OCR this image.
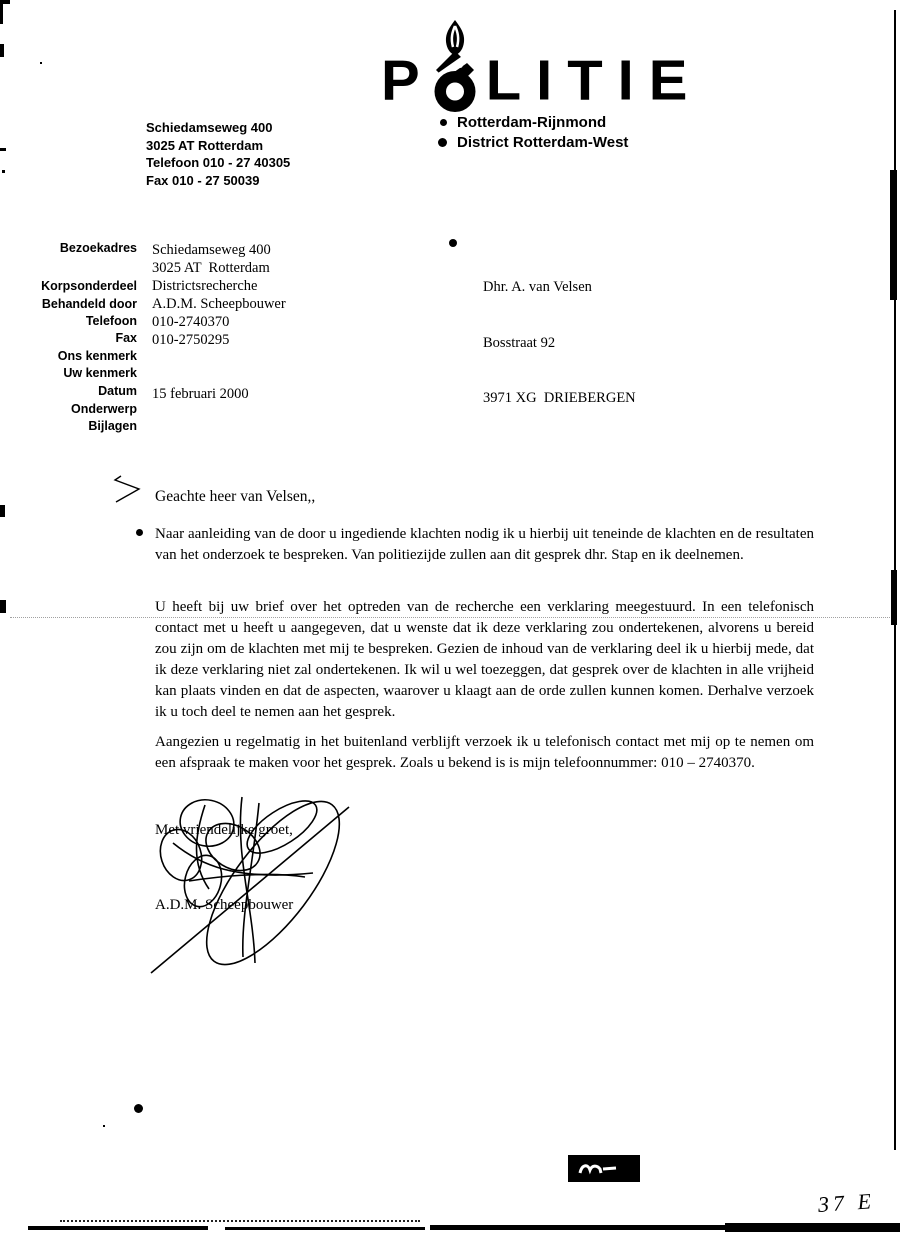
P LITIE
Rotterdam-Rijnmond
District Rotterdam-West
Schiedamseweg 400
3025 AT Rotterdam
Telefoon 010 - 27 40305
Fax 010 - 27 50039
Bezoekadres
Korpsonderdeel
Behandeld door
Telefoon
Fax
Ons kenmerk
Uw kenmerk
Datum
Onderwerp
Bijlagen
Schiedamseweg 400
3025 AT  Rotterdam
Districtsrecherche
A.D.M. Scheepbouwer
010-2740370
010-2750295
15 februari 2000

Dhr. A. van Velsen

Bosstraat 92

3971 XG  DRIEBERGEN

Geachte heer van Velsen,,

Naar aanleiding van de door u ingediende klachten nodig ik u hierbij uit teneinde de klachten en de resultaten van het onderzoek te bespreken. Van politiezijde zullen aan dit gesprek dhr. Stap en ik deelnemen.

U heeft bij uw brief over het optreden van de recherche een verklaring meegestuurd. In een telefonisch contact met u heeft u aangegeven, dat u wenste dat ik deze verklaring zou ondertekenen, alvorens u bereid zou zijn om de klachten met mij te bespreken. Gezien de inhoud van de verklaring deel ik u hierbij mede, dat ik deze verklaring niet zal ondertekenen. Ik wil u wel toezeggen, dat gesprek over de klachten in alle vrijheid kan plaats vinden en dat de aspecten, waarover u klaagt aan de orde zullen kunnen komen. Derhalve verzoek ik u toch deel te nemen aan het gesprek.

Aangezien u regelmatig in het buitenland verblijft verzoek ik u telefonisch contact met mij op te nemen om een afspraak te maken voor het gesprek. Zoals u bekend is is mijn telefoonnummer: 010 – 2740370.

Met vriendelijke groet,
A.D.M. Scheepbouwer
37 E
